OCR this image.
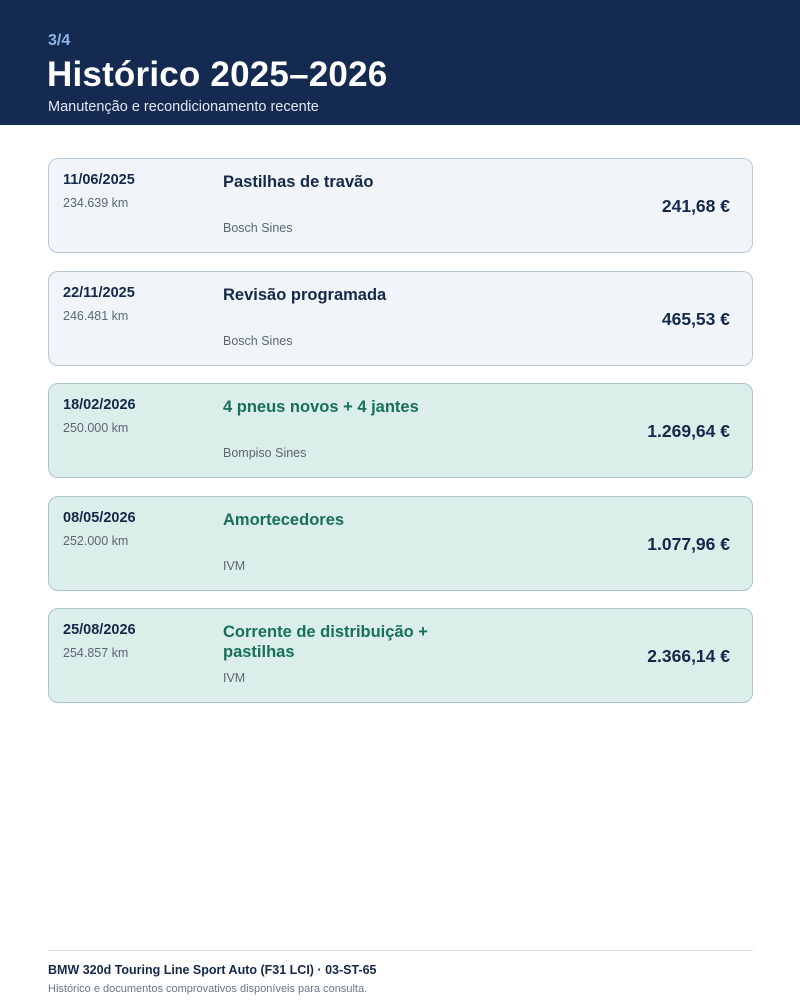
3/4
Histórico 2025–2026
Manutenção e recondicionamento recente
11/06/2025
234.639 km
Pastilhas de travão
Bosch Sines
241,68 €
22/11/2025
246.481 km
Revisão programada
Bosch Sines
465,53 €
18/02/2026
250.000 km
4 pneus novos + 4 jantes
Bompiso Sines
1.269,64 €
08/05/2026
252.000 km
Amortecedores
IVM
1.077,96 €
25/08/2026
254.857 km
Corrente de distribuição + pastilhas
IVM
2.366,14 €
BMW 320d Touring Line Sport Auto (F31 LCI) · 03-ST-65
Histórico e documentos comprovativos disponíveis para consulta.
